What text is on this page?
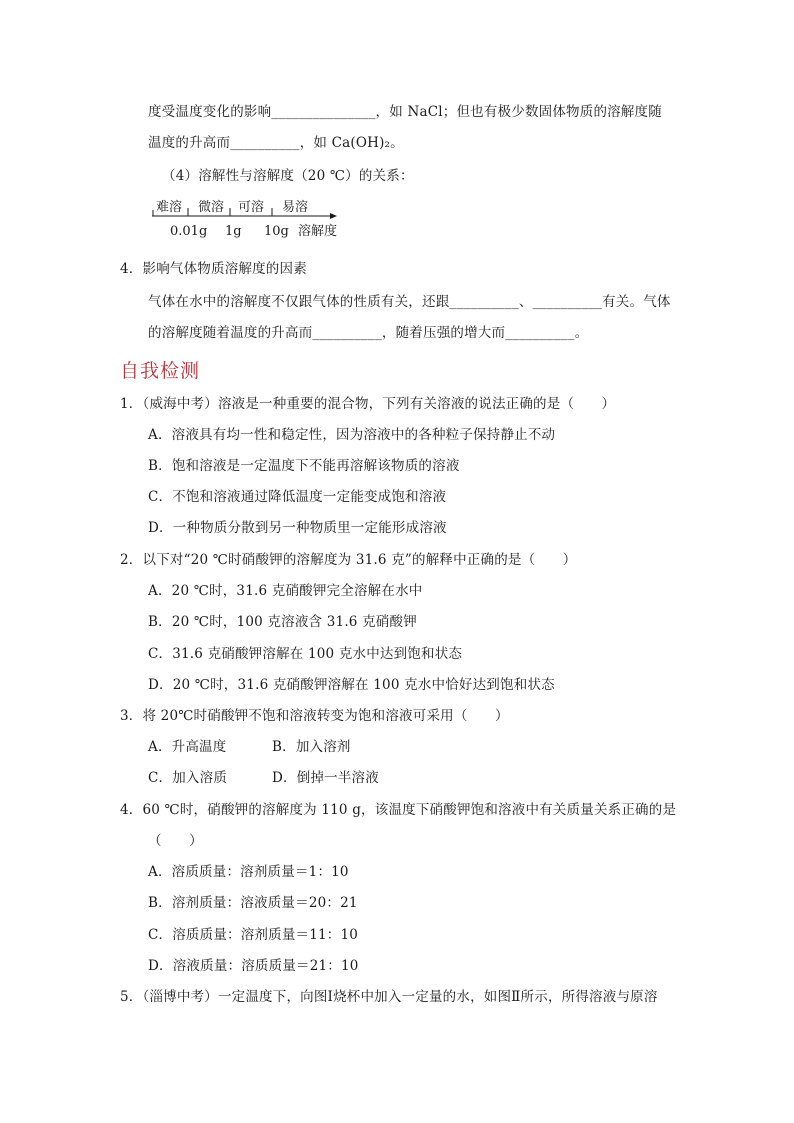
度受温度变化的影响_______________，如 NaCl；但也有极少数固体物质的溶解度随
温度的升高而__________，如 Ca(OH)₂。
（4）溶解性与溶解度（20 ℃）的关系：
难溶 微溶 可溶 易溶
0.01g 1g 10g 溶解度
4．影响气体物质溶解度的因素
气体在水中的溶解度不仅跟气体的性质有关，还跟__________、__________有关。气体
的溶解度随着温度的升高而__________，随着压强的增大而__________。
自我检测
1．（威海中考）溶液是一种重要的混合物，下列有关溶液的说法正确的是（　　）
A．溶液具有均一性和稳定性，因为溶液中的各种粒子保持静止不动
B．饱和溶液是一定温度下不能再溶解该物质的溶液
C．不饱和溶液通过降低温度一定能变成饱和溶液
D．一种物质分散到另一种物质里一定能形成溶液
2．以下对“20 ℃时硝酸钾的溶解度为 31.6 克”的解释中正确的是（　　）
A．20 ℃时，31.6 克硝酸钾完全溶解在水中
B．20 ℃时，100 克溶液含 31.6 克硝酸钾
C．31.6 克硝酸钾溶解在 100 克水中达到饱和状态
D．20 ℃时，31.6 克硝酸钾溶解在 100 克水中恰好达到饱和状态
3．将 20℃时硝酸钾不饱和溶液转变为饱和溶液可采用（　　）
A．升高温度	B．加入溶剂
C．加入溶质	D．倒掉一半溶液
4．60 ℃时，硝酸钾的溶解度为 110 g，该温度下硝酸钾饱和溶液中有关质量关系正确的是
（　　）
A．溶质质量：溶剂质量＝1：10
B．溶剂质量：溶液质量＝20：21
C．溶质质量：溶剂质量＝11：10
D．溶液质量：溶质质量＝21：10
5．（淄博中考）一定温度下，向图Ⅰ烧杯中加入一定量的水，如图Ⅱ所示，所得溶液与原溶
